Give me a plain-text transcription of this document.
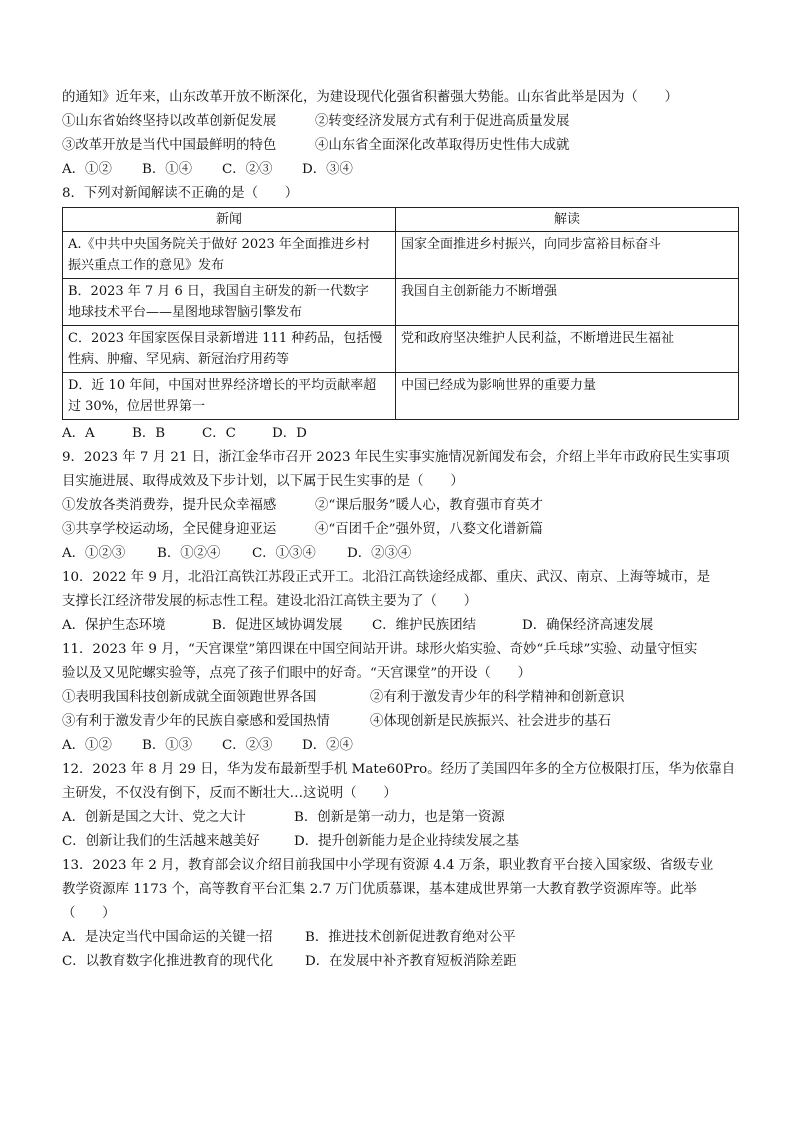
的通知》近年来，山东改革开放不断深化，为建设现代化强省积蓄强大势能。山东省此举是因为（　　）
①山东省始终坚持以改革创新促发展	②转变经济发展方式有利于促进高质量发展
③改革开放是当代中国最鲜明的特色	④山东省全面深化改革取得历史性伟大成就
A．①②	B．①④	C．②③	D．③④
8．下列对新闻解读不正确的是（　　）
新闻	解读

A.《中共中央国务院关于做好 2023 年全面推进乡村
振兴重点工作的意见》发布	国家全面推进乡村振兴，向同步富裕目标奋斗

B．2023 年 7 月 6 日，我国自主研发的新一代数字
地球技术平台——星图地球智脑引擎发布	我国自主创新能力不断增强

C．2023 年国家医保目录新增进 111 种药品，包括慢
性病、肿瘤、罕见病、新冠治疗用药等	党和政府坚决维护人民利益，不断增进民生福祉

D．近 10 年间，中国对世界经济增长的平均贡献率超
过 30%，位居世界第一	中国已经成为影响世界的重要力量
A．A	B．B	C．C	D．D
9．2023 年 7 月 21 日，浙江金华市召开 2023 年民生实事实施情况新闻发布会，介绍上半年市政府民生实事项
目实施进展、取得成效及下步计划，以下属于民生实事的是（　　）
①发放各类消费券，提升民众幸福感	②“课后服务”暖人心，教育强市育英才
③共享学校运动场，全民健身迎亚运	④“百团千企”强外贸，八婺文化谱新篇
A．①②③	B．①②④	C．①③④	D．②③④
10．2022 年 9 月，北沿江高铁江苏段正式开工。北沿江高铁途经成都、重庆、武汉、南京、上海等城市，是
支撑长江经济带发展的标志性工程。建设北沿江高铁主要为了（　　）
A．保护生态环境	B．促进区域协调发展	C．维护民族团结	D．确保经济高速发展
11．2023 年 9 月，“天宫课堂”第四课在中国空间站开讲。球形火焰实验、奇妙“乒乓球”实验、动量守恒实
验以及又见陀螺实验等，点亮了孩子们眼中的好奇。“天宫课堂”的开设（　　）
①表明我国科技创新成就全面领跑世界各国	②有利于激发青少年的科学精神和创新意识
③有利于激发青少年的民族自豪感和爱国热情	④体现创新是民族振兴、社会进步的基石
A．①②	B．①③	C．②③	D．②④
12．2023 年 8 月 29 日，华为发布最新型手机 Mate60Pro。经历了美国四年多的全方位极限打压，华为依靠自
主研发，不仅没有倒下，反而不断壮大…这说明（　　）
A．创新是国之大计、党之大计	B．创新是第一动力，也是第一资源
C．创新让我们的生活越来越美好	D．提升创新能力是企业持续发展之基
13．2023 年 2 月，教育部会议介绍目前我国中小学现有资源 4.4 万条，职业教育平台接入国家级、省级专业
教学资源库 1173 个，高等教育平台汇集 2.7 万门优质慕课，基本建成世界第一大教育教学资源库等。此举
（　　）
A．是决定当代中国命运的关键一招	B．推进技术创新促进教育绝对公平
C．以教育数字化推进教育的现代化	D．在发展中补齐教育短板消除差距
